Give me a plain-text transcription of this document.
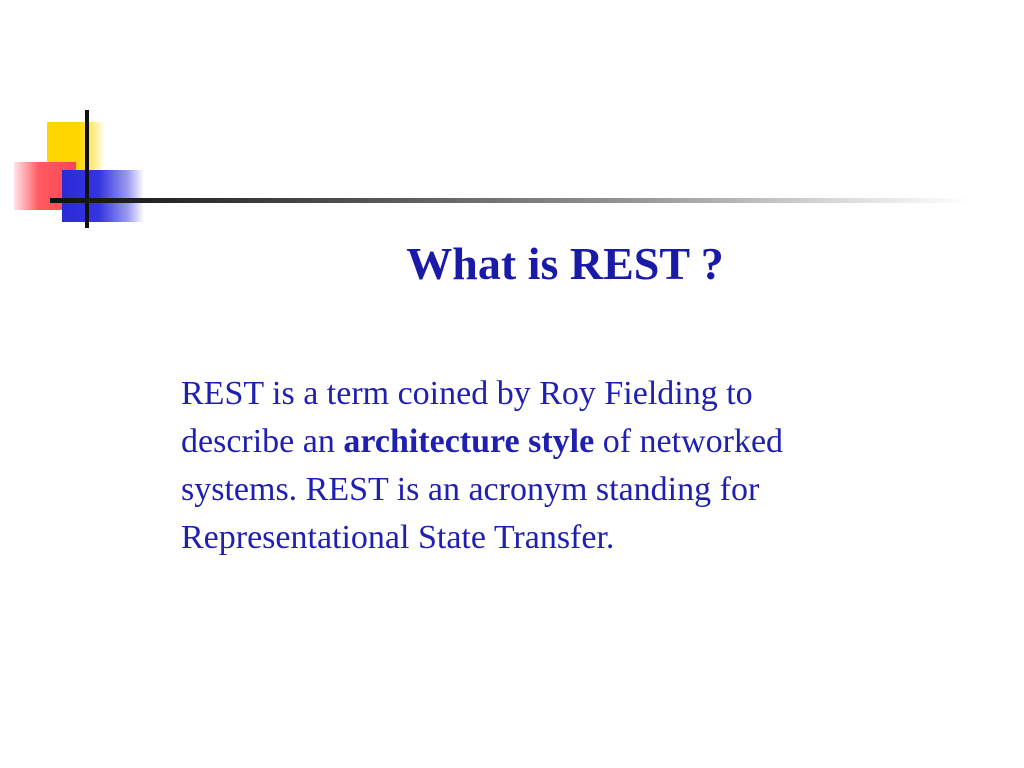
What is REST ?
REST is a term coined by Roy Fielding to
describe an architecture style of networked
systems. REST is an acronym standing for
Representational State Transfer.
